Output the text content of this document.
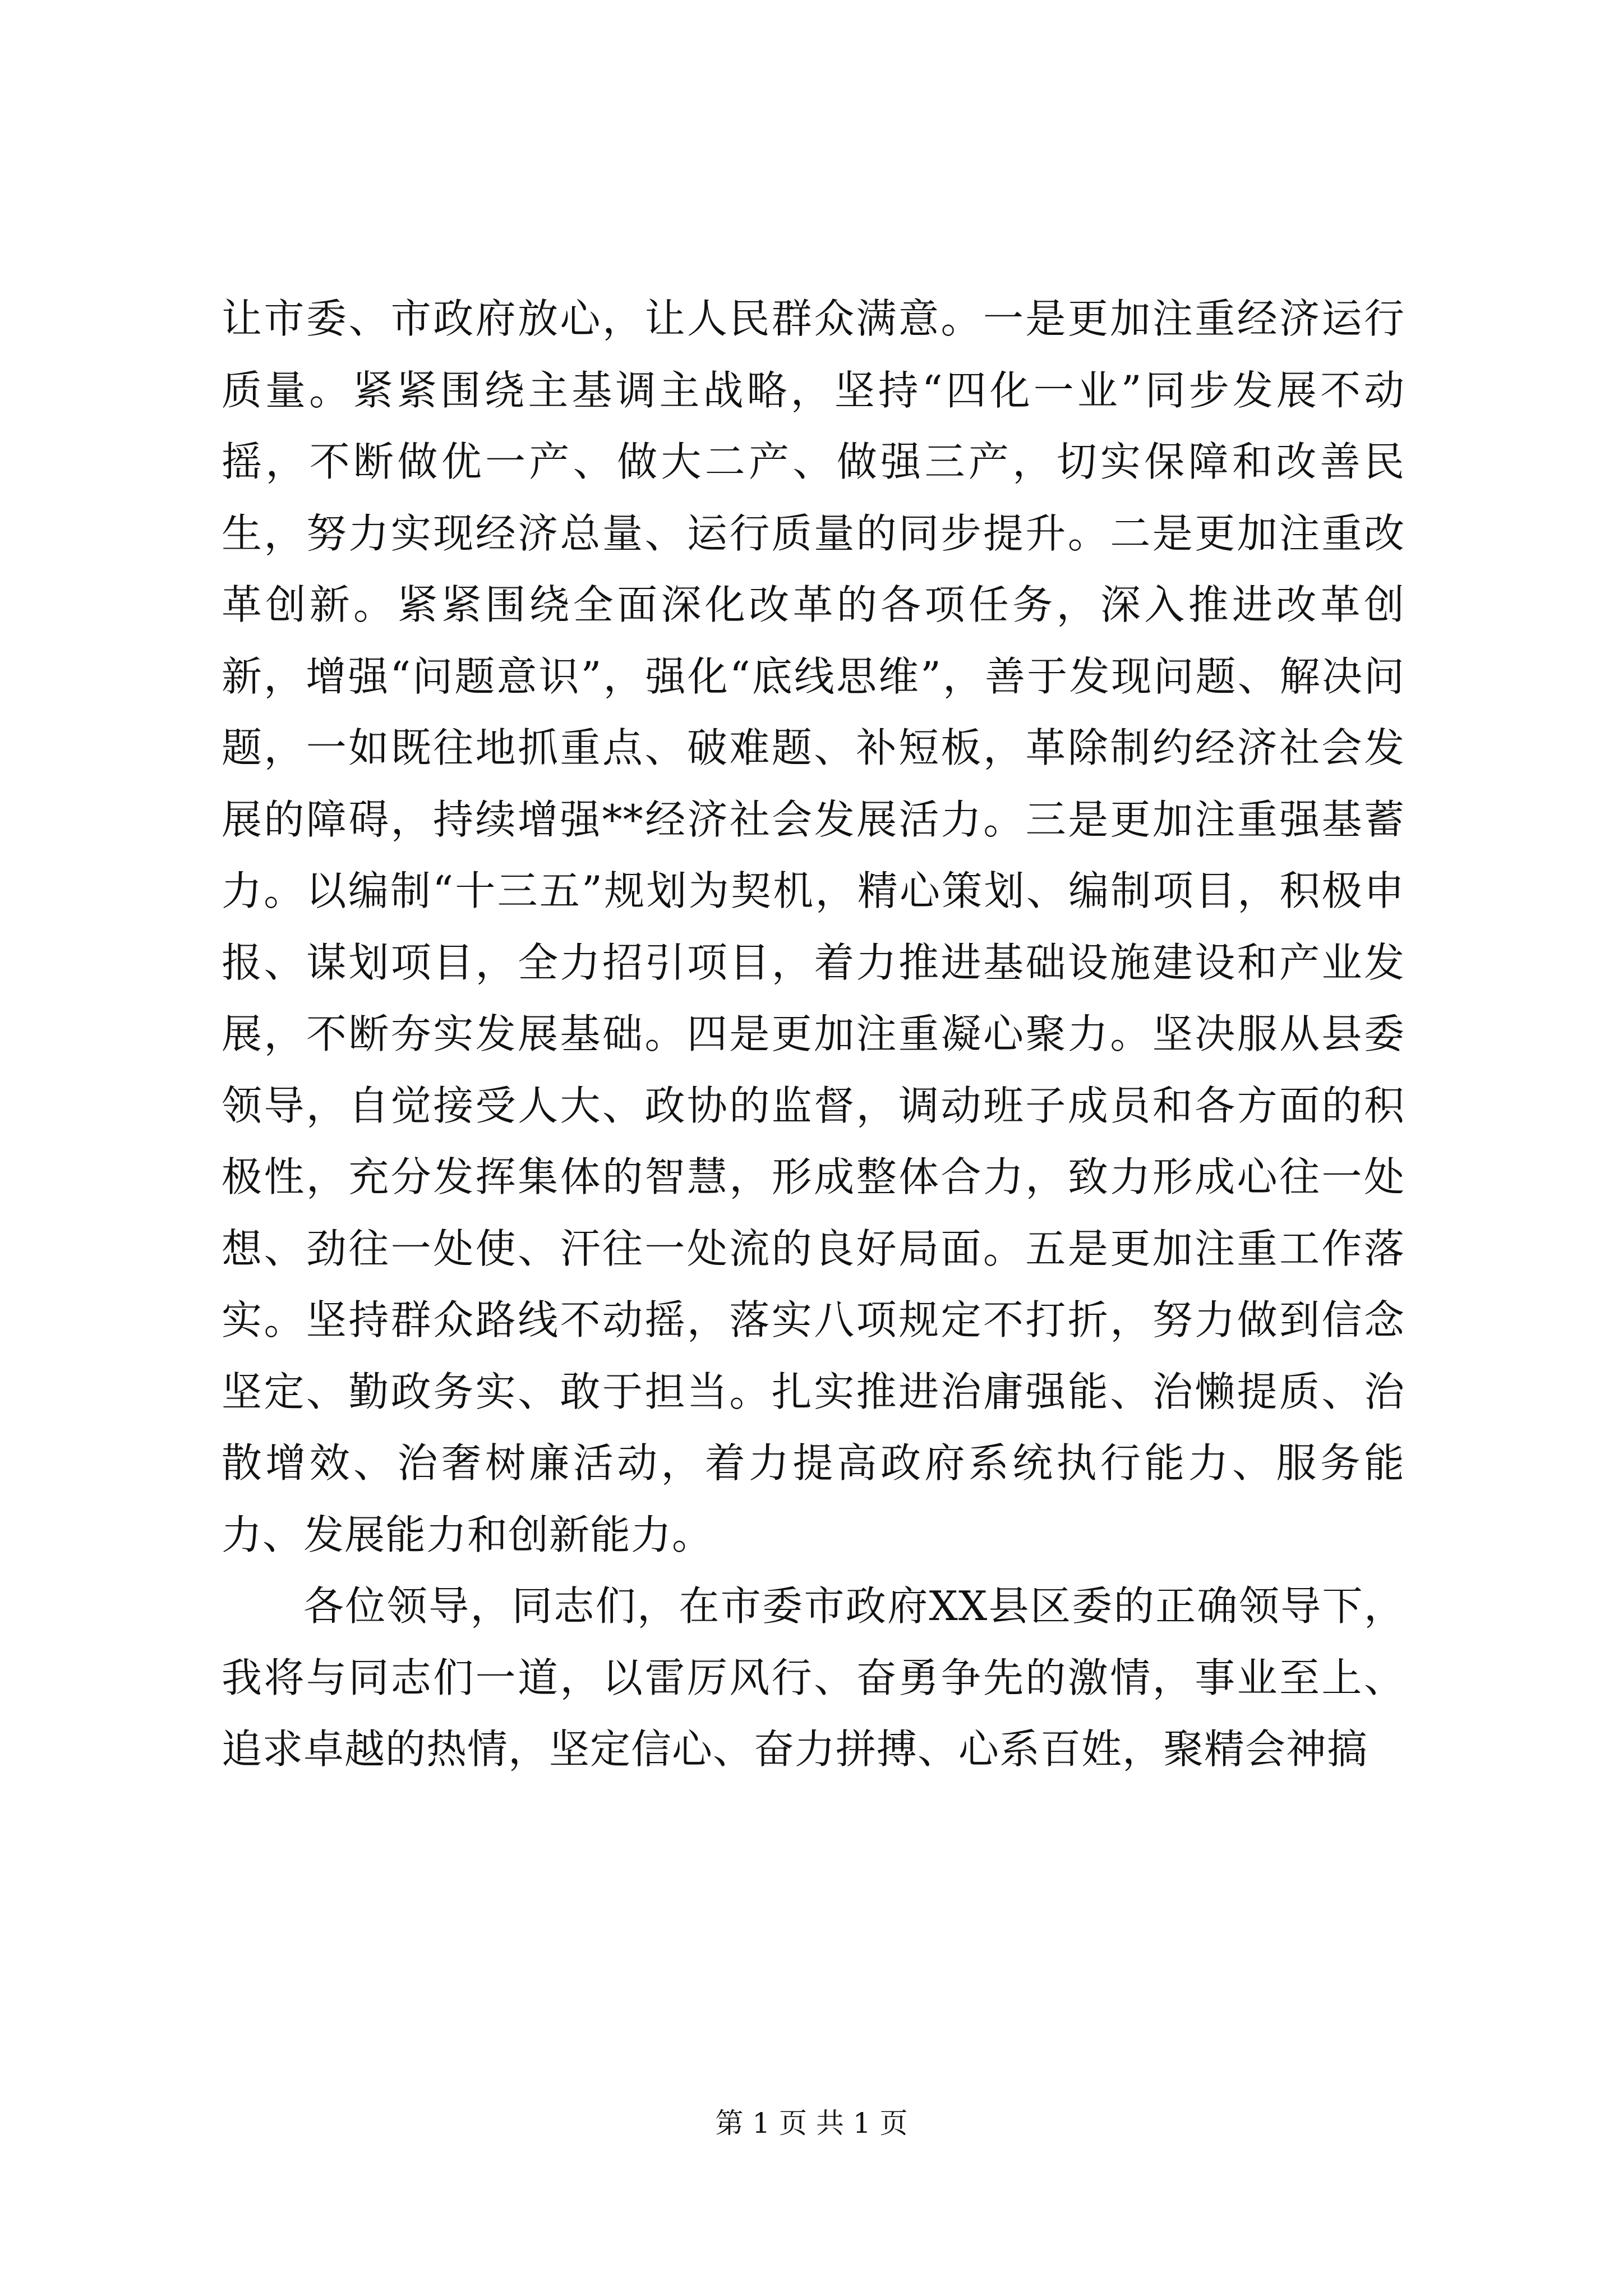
让市委、市政府放心，让人民群众满意。一是更加注重经济运行质量。紧紧围绕主基调主战略，坚持“四化一业”同步发展不动摇，不断做优一产、做大二产、做强三产，切实保障和改善民生，努力实现经济总量、运行质量的同步提升。二是更加注重改革创新。紧紧围绕全面深化改革的各项任务，深入推进改革创新，增强“问题意识”，强化“底线思维”，善于发现问题、解决问题，一如既往地抓重点、破难题、补短板，革除制约经济社会发展的障碍，持续增强**经济社会发展活力。三是更加注重强基蓄力。以编制“十三五”规划为契机，精心策划、编制项目，积极申报、谋划项目，全力招引项目，着力推进基础设施建设和产业发展，不断夯实发展基础。四是更加注重凝心聚力。坚决服从县委领导，自觉接受人大、政协的监督，调动班子成员和各方面的积极性，充分发挥集体的智慧，形成整体合力，致力形成心往一处想、劲往一处使、汗往一处流的良好局面。五是更加注重工作落实。坚持群众路线不动摇，落实八项规定不打折，努力做到信念坚定、勤政务实、敢于担当。扎实推进治庸强能、治懒提质、治散增效、治奢树廉活动，着力提高政府系统执行能力、服务能力、发展能力和创新能力。

各位领导，同志们，在市委市政府XX县区委的正确领导下，我将与同志们一道，以雷厉风行、奋勇争先的激情，事业至上、追求卓越的热情，坚定信心、奋力拼搏、心系百姓，聚精会神搞

第 1 页 共 1 页
